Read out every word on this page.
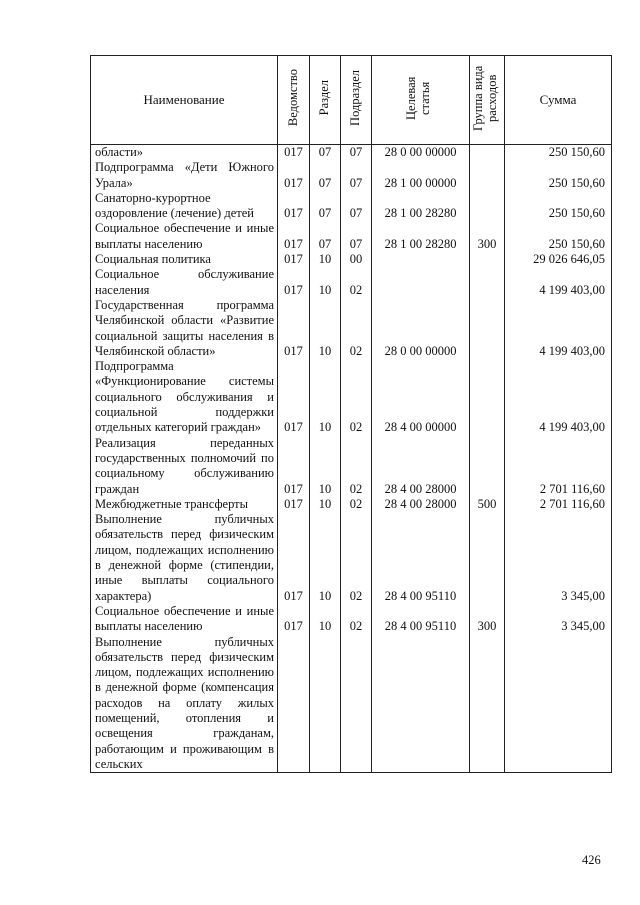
Наименование	Ведомство	Раздел	Подраздел	Целевая статья	Группа вида расходов	Сумма
области»	017	07	07	28 0 00 00000		250 150,60
Подпрограмма «Дети Южного Урала»	017	07	07	28 1 00 00000		250 150,60
Санаторно-курортное оздоровление (лечение) детей	017	07	07	28 1 00 28280		250 150,60
Социальное обеспечение и иные выплаты населению	017	07	07	28 1 00 28280	300	250 150,60
Социальная политика	017	10	00			29 026 646,05
Социальное обслуживание населения	017	10	02			4 199 403,00
Государственная программа Челябинской области «Развитие социальной защиты населения в Челябинской области»	017	10	02	28 0 00 00000		4 199 403,00
Подпрограмма «Функционирование системы социального обслуживания и социальной поддержки отдельных категорий граждан»	017	10	02	28 4 00 00000		4 199 403,00
Реализация переданных государственных полномочий по социальному обслуживанию граждан	017	10	02	28 4 00 28000		2 701 116,60
Межбюджетные трансферты	017	10	02	28 4 00 28000	500	2 701 116,60
Выполнение публичных обязательств перед физическим лицом, подлежащих исполнению в денежной форме (стипендии, иные выплаты социального характера)	017	10	02	28 4 00 95110		3 345,00
Социальное обеспечение и иные выплаты населению	017	10	02	28 4 00 95110	300	3 345,00
Выполнение публичных обязательств перед физическим лицом, подлежащих исполнению в денежной форме (компенсация расходов на оплату жилых помещений, отопления и освещения гражданам, работающим и проживающим в сельских						
426
